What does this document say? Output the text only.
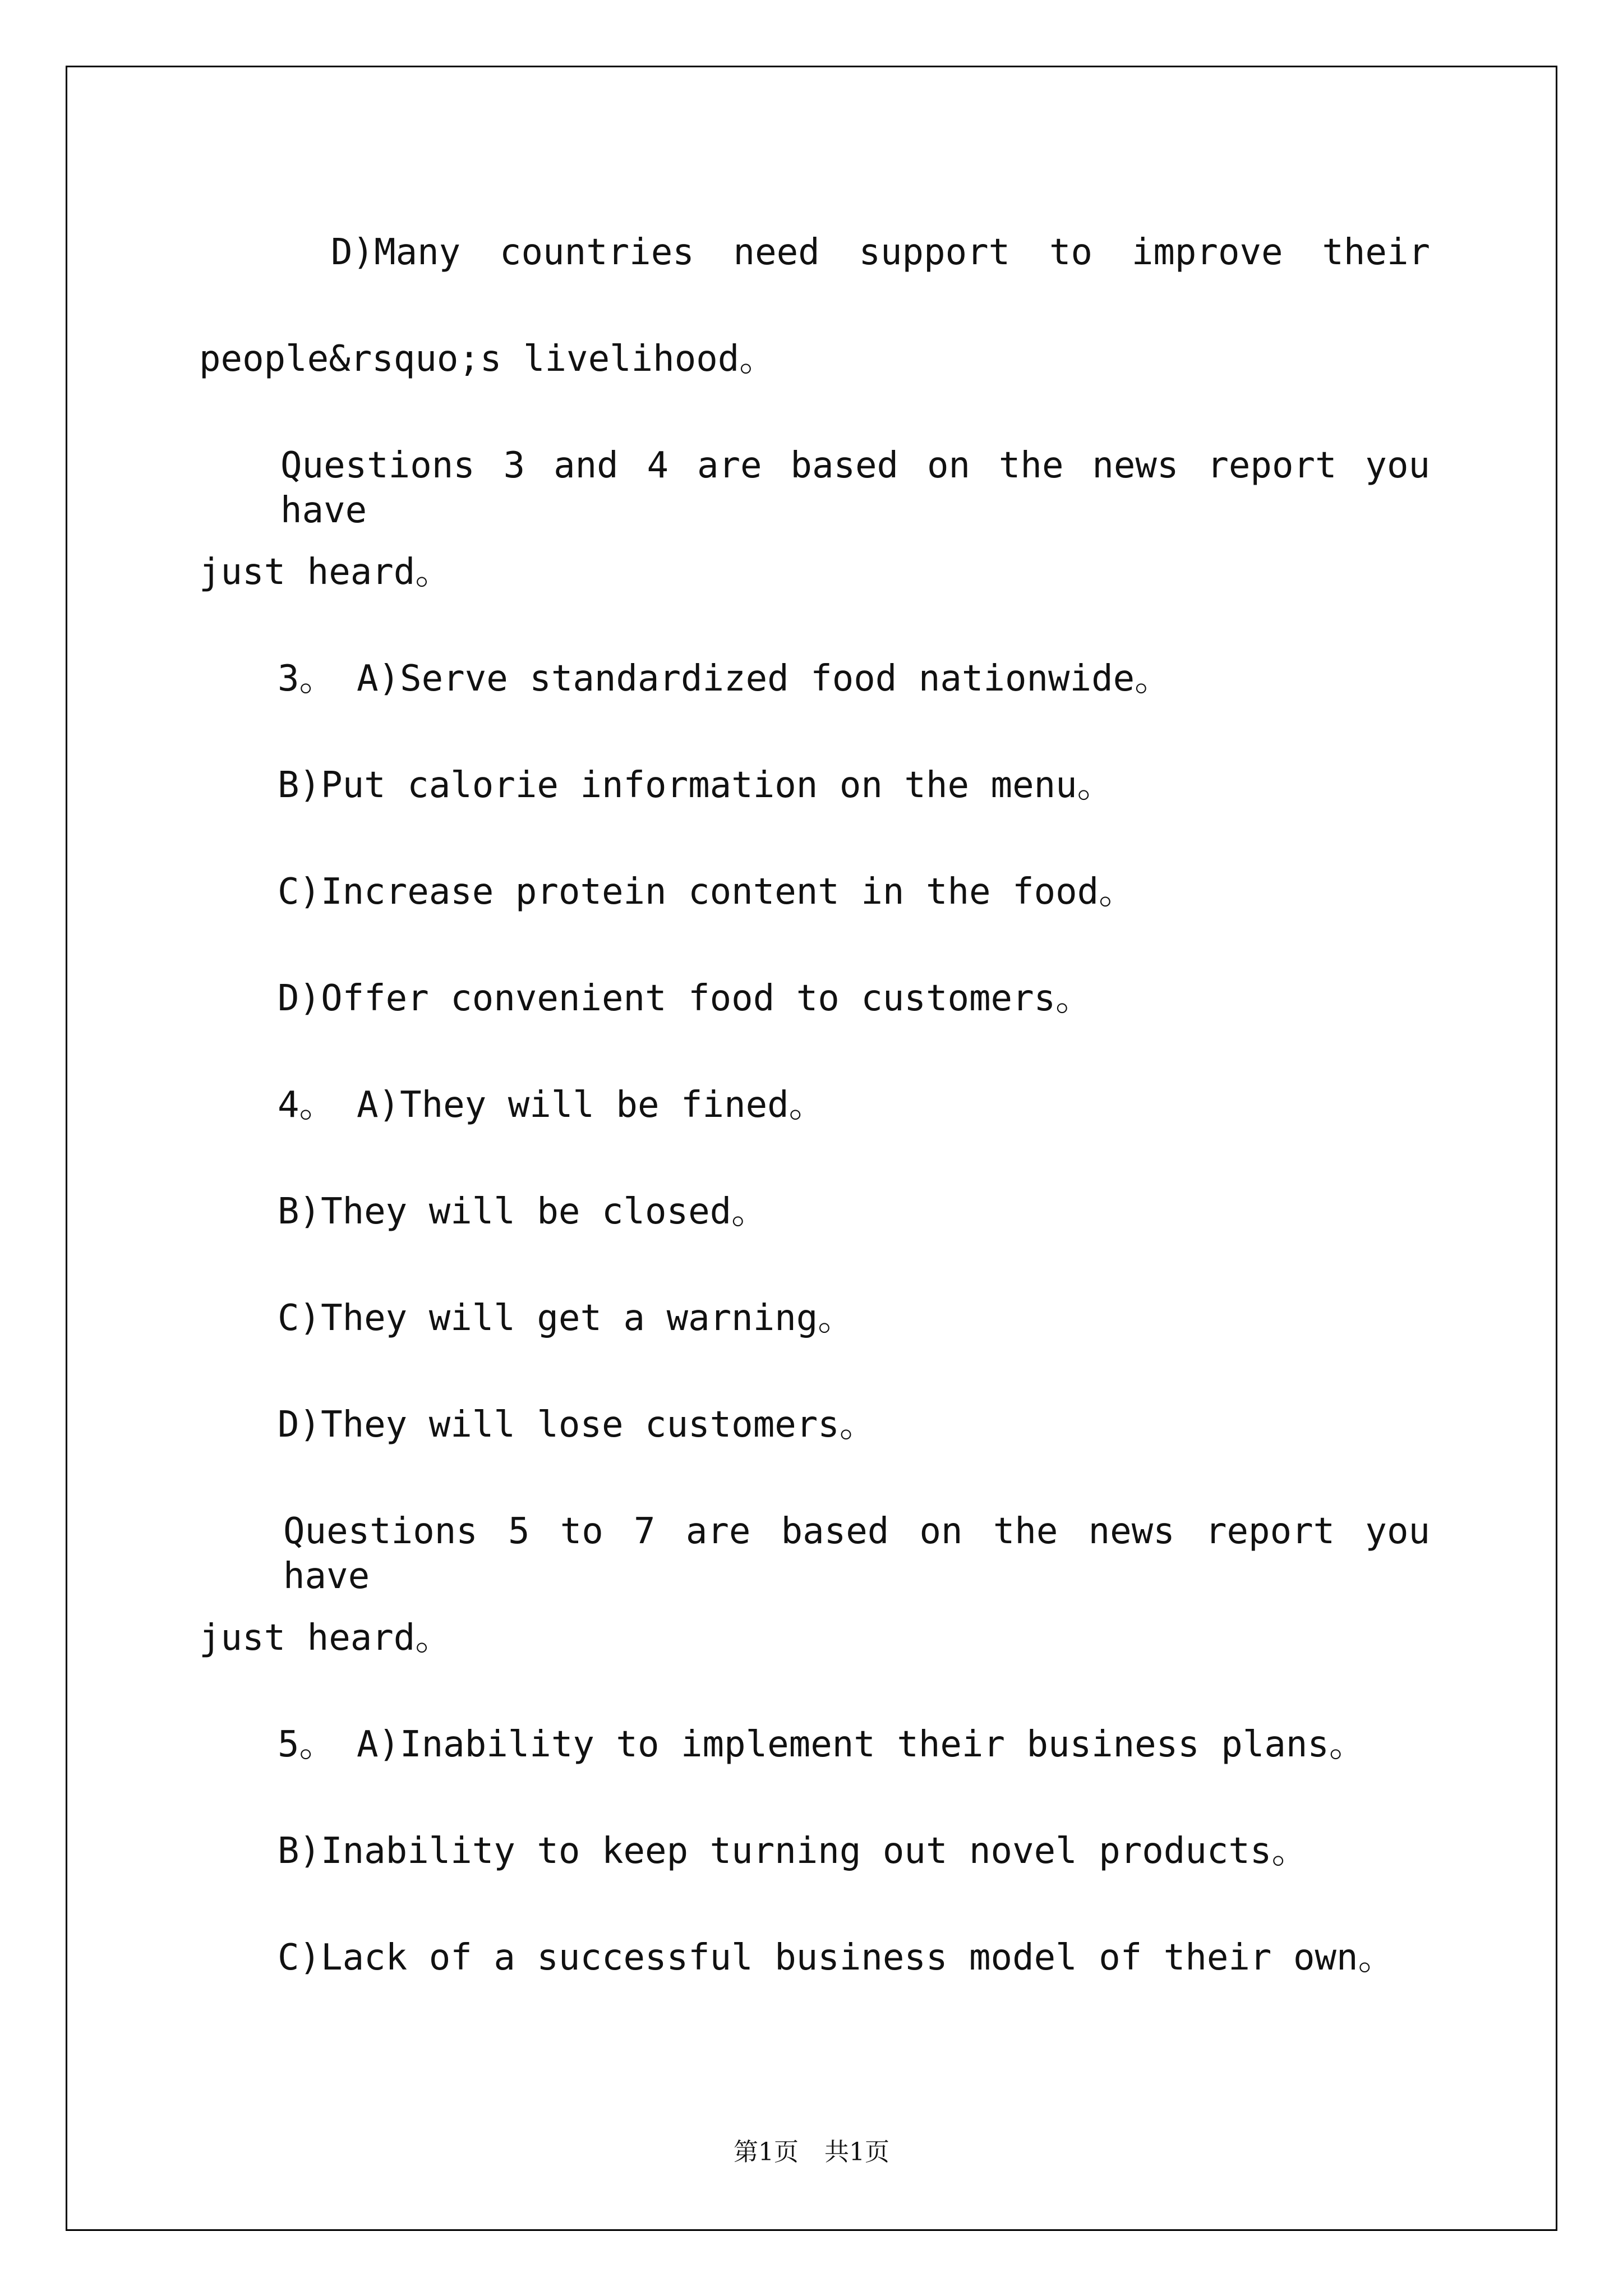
D)Many countries need support to improve their
people&rsquo;s livelihood。
Questions 3 and 4 are based on the news report you have
just heard。
3。 A)Serve standardized food nationwide。
B)Put calorie information on the menu。
C)Increase protein content in the food。
D)Offer convenient food to customers。
4。 A)They will be fined。
B)They will be closed。
C)They will get a warning。
D)They will lose customers。
Questions 5 to 7 are based on the news report you have
just heard。
5。 A)Inability to implement their business plans。
B)Inability to keep turning out novel products。
C)Lack of a successful business model of their own。
第1页 共1页
